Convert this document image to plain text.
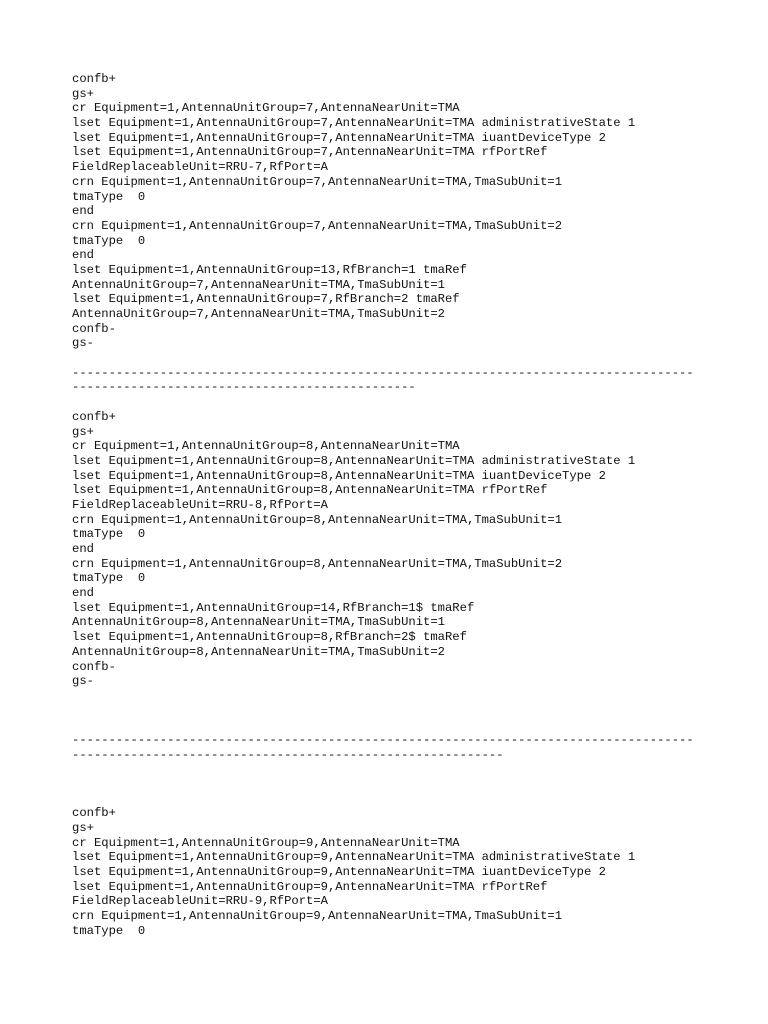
confb+
gs+
cr Equipment=1,AntennaUnitGroup=7,AntennaNearUnit=TMA
lset Equipment=1,AntennaUnitGroup=7,AntennaNearUnit=TMA administrativeState 1
lset Equipment=1,AntennaUnitGroup=7,AntennaNearUnit=TMA iuantDeviceType 2
lset Equipment=1,AntennaUnitGroup=7,AntennaNearUnit=TMA rfPortRef
FieldReplaceableUnit=RRU-7,RfPort=A
crn Equipment=1,AntennaUnitGroup=7,AntennaNearUnit=TMA,TmaSubUnit=1
tmaType  0
end
crn Equipment=1,AntennaUnitGroup=7,AntennaNearUnit=TMA,TmaSubUnit=2
tmaType  0
end
lset Equipment=1,AntennaUnitGroup=13,RfBranch=1 tmaRef
AntennaUnitGroup=7,AntennaNearUnit=TMA,TmaSubUnit=1
lset Equipment=1,AntennaUnitGroup=7,RfBranch=2 tmaRef
AntennaUnitGroup=7,AntennaNearUnit=TMA,TmaSubUnit=2
confb-
gs-
-------------------------------------------------------------------------------------
-----------------------------------------------
confb+
gs+
cr Equipment=1,AntennaUnitGroup=8,AntennaNearUnit=TMA
lset Equipment=1,AntennaUnitGroup=8,AntennaNearUnit=TMA administrativeState 1
lset Equipment=1,AntennaUnitGroup=8,AntennaNearUnit=TMA iuantDeviceType 2
lset Equipment=1,AntennaUnitGroup=8,AntennaNearUnit=TMA rfPortRef
FieldReplaceableUnit=RRU-8,RfPort=A
crn Equipment=1,AntennaUnitGroup=8,AntennaNearUnit=TMA,TmaSubUnit=1
tmaType  0
end
crn Equipment=1,AntennaUnitGroup=8,AntennaNearUnit=TMA,TmaSubUnit=2
tmaType  0
end
lset Equipment=1,AntennaUnitGroup=14,RfBranch=1$ tmaRef
AntennaUnitGroup=8,AntennaNearUnit=TMA,TmaSubUnit=1
lset Equipment=1,AntennaUnitGroup=8,RfBranch=2$ tmaRef
AntennaUnitGroup=8,AntennaNearUnit=TMA,TmaSubUnit=2
confb-
gs-
-------------------------------------------------------------------------------------
-----------------------------------------------------------
confb+
gs+
cr Equipment=1,AntennaUnitGroup=9,AntennaNearUnit=TMA
lset Equipment=1,AntennaUnitGroup=9,AntennaNearUnit=TMA administrativeState 1
lset Equipment=1,AntennaUnitGroup=9,AntennaNearUnit=TMA iuantDeviceType 2
lset Equipment=1,AntennaUnitGroup=9,AntennaNearUnit=TMA rfPortRef
FieldReplaceableUnit=RRU-9,RfPort=A
crn Equipment=1,AntennaUnitGroup=9,AntennaNearUnit=TMA,TmaSubUnit=1
tmaType  0
